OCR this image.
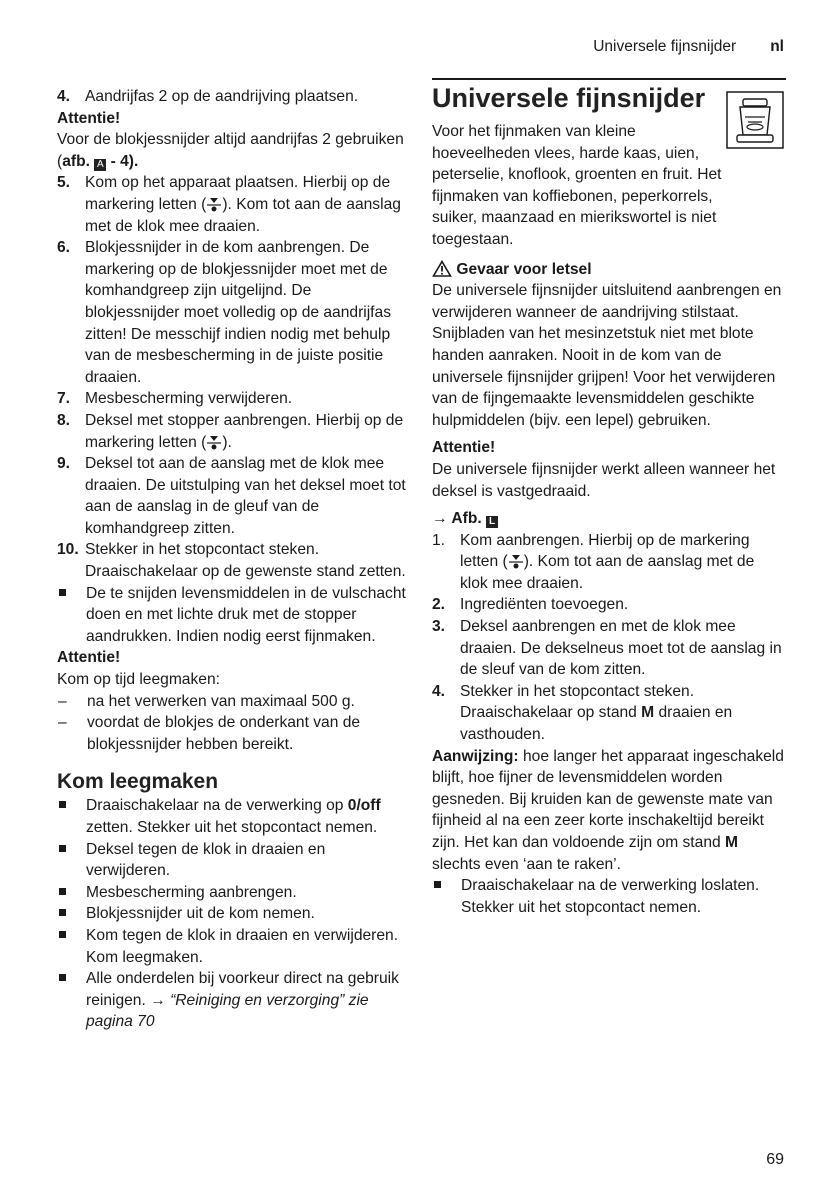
Universele fijnsnijder nl
4. Aandrijfas 2 op de aandrijving plaatsen.

Attentie!

Voor de blokjessnijder altijd aandrijfas 2 gebruiken (afb. A - 4).

5. Kom op het apparaat plaatsen. Hierbij op de markering letten ( ). Kom tot aan de aanslag met de klok mee draaien.
6. Blokjessnijder in de kom aanbrengen. De markering op de blokjessnijder moet met de komhandgreep zijn uitgelijnd. De blokjessnijder moet volledig op de aandrijfas zitten! De messchijf indien nodig met behulp van de mesbescherming in de juiste positie draaien.
7. Mesbescherming verwijderen.
8. Deksel met stopper aanbrengen. Hierbij op de markering letten ( ).
9. Deksel tot aan de aanslag met de klok mee draaien. De uitstulping van het deksel moet tot aan de aanslag in de gleuf van de komhandgreep zitten.
10. Stekker in het stopcontact steken. Draaischakelaar op de gewenste stand zetten.
De te snijden levensmiddelen in de vulschacht doen en met lichte druk met de stopper aandrukken. Indien nodig eerst fijnmaken.

Attentie!

Kom op tijd leegmaken:

–	na het verwerken van maximaal 500 g.
–	voordat de blokjes de onderkant van de blokjessnijder hebben bereikt.
Kom leegmaken
Draaischakelaar na de verwerking op 0/off zetten. Stekker uit het stopcontact nemen.
Deksel tegen de klok in draaien en verwijderen.
Mesbescherming aanbrengen.
Blokjessnijder uit de kom nemen.
Kom tegen de klok in draaien en verwijderen. Kom leegmaken.
Alle onderdelen bij voorkeur direct na gebruik reinigen. → “Reiniging en verzorging” zie pagina 70
Universele fijnsnijder

Voor het fijnmaken van kleine hoeveelheden vlees, harde kaas, uien, peterselie, knoflook, groenten en fruit. Het fijnmaken van koffiebonen, peperkorrels, suiker, maanzaad en mierikswortel is niet toegestaan.

Gevaar voor letsel

De universele fijnsnijder uitsluitend aanbrengen en verwijderen wanneer de aandrijving stilstaat. Snijbladen van het mesinzetstuk niet met blote handen aanraken. Nooit in de kom van de universele fijnsnijder grijpen! Voor het verwijderen van de fijngemaakte levensmiddelen geschikte hulpmiddelen (bijv. een lepel) gebruiken.

Attentie!

De universele fijnsnijder werkt alleen wanneer het deksel is vastgedraaid.

→ Afb. L

1. Kom aanbrengen. Hierbij op de markering letten ( ). Kom tot aan de aanslag met de klok mee draaien.
2. Ingrediënten toevoegen.
3. Deksel aanbrengen en met de klok mee draaien. De dekselneus moet tot de aanslag in de sleuf van de kom zitten.
4. Stekker in het stopcontact steken. Draaischakelaar op stand M draaien en vasthouden.

Aanwijzing: hoe langer het apparaat ingeschakeld blijft, hoe fijner de levensmiddelen worden gesneden. Bij kruiden kan de gewenste mate van fijnheid al na een zeer korte inschakeltijd bereikt zijn. Het kan dan voldoende zijn om stand M slechts even ‘aan te raken’.

Draaischakelaar na de verwerking loslaten. Stekker uit het stopcontact nemen.
69
